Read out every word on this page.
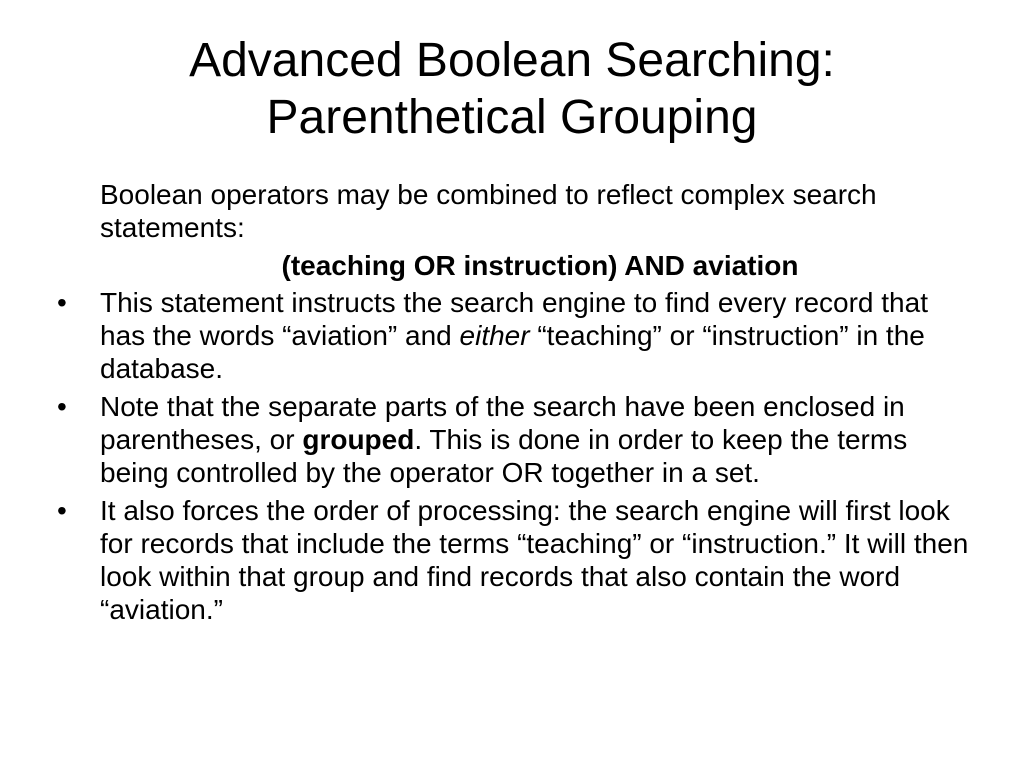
Advanced Boolean Searching:
Parenthetical Grouping
Boolean operators may be combined to reflect complex search statements:
(teaching OR instruction) AND aviation
• This statement instructs the search engine to find every record that has the words “aviation” and either “teaching” or “instruction” in the database.
• Note that the separate parts of the search have been enclosed in parentheses, or grouped. This is done in order to keep the terms being controlled by the operator OR together in a set.
• It also forces the order of processing: the search engine will first look for records that include the terms “teaching” or “instruction.” It will then look within that group and find records that also contain the word “aviation.”
